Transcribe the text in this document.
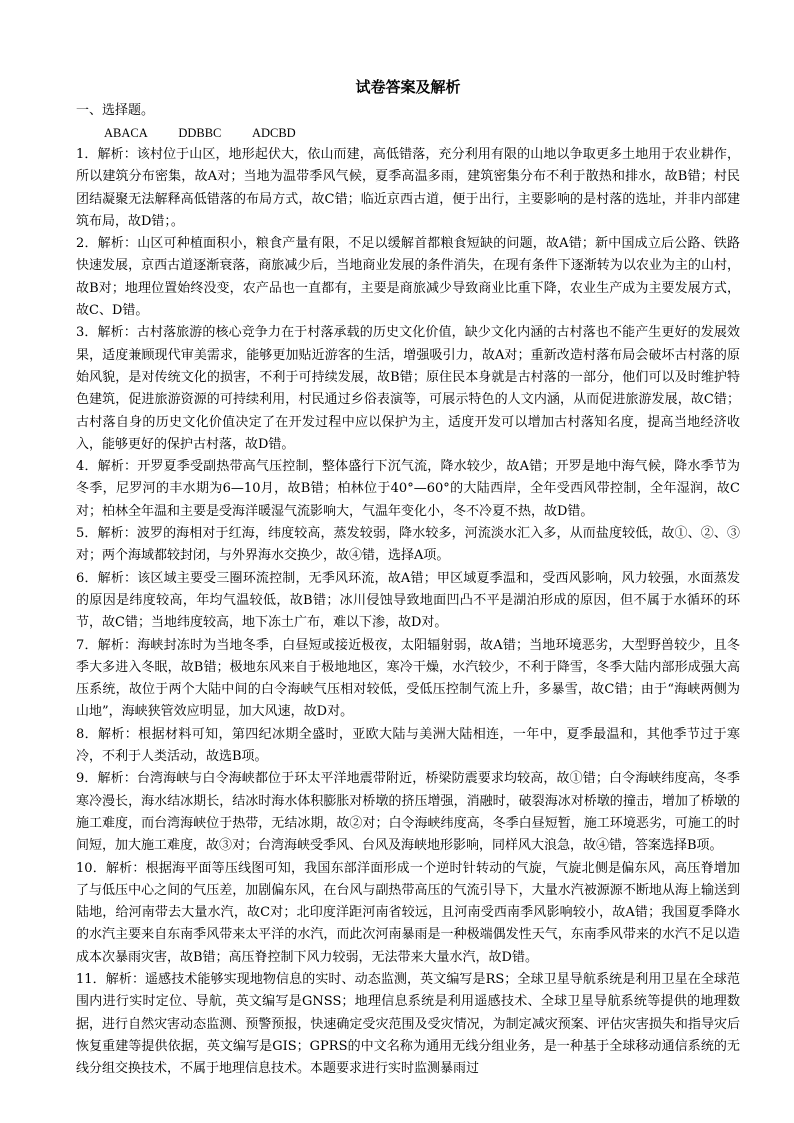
试卷答案及解析
一、选择题。
ABACA          DDBBC          ADCBD

1．解析：该村位于山区，地形起伏大，依山而建，高低错落，充分利用有限的山地以争取更多土地用于农业耕作，所以建筑分布密集，故A对；当地为温带季风气候，夏季高温多雨，建筑密集分布不利于散热和排水，故B错；村民团结凝聚无法解释高低错落的布局方式，故C错；临近京西古道，便于出行，主要影响的是村落的选址，并非内部建筑布局，故D错；。

2．解析：山区可种植面积小，粮食产量有限，不足以缓解首都粮食短缺的问题，故A错；新中国成立后公路、铁路快速发展，京西古道逐渐衰落，商旅减少后，当地商业发展的条件消失，在现有条件下逐渐转为以农业为主的山村，故B对；地理位置始终没变，农产品也一直都有，主要是商旅减少导致商业比重下降，农业生产成为主要发展方式，故C、D错。

3．解析：古村落旅游的核心竞争力在于村落承载的历史文化价值，缺少文化内涵的古村落也不能产生更好的发展效果，适度兼顾现代审美需求，能够更加贴近游客的生活，增强吸引力，故A对；重新改造村落布局会破坏古村落的原始风貌，是对传统文化的损害，不利于可持续发展，故B错；原住民本身就是古村落的一部分，他们可以及时维护特色建筑，促进旅游资源的可持续利用，村民通过乡俗表演等，可展示特色的人文内涵，从而促进旅游发展，故C错；古村落自身的历史文化价值决定了在开发过程中应以保护为主，适度开发可以增加古村落知名度，提高当地经济收入，能够更好的保护古村落，故D错。

4．解析：开罗夏季受副热带高气压控制，整体盛行下沉气流，降水较少，故A错；开罗是地中海气候，降水季节为冬季，尼罗河的丰水期为6—10月，故B错；柏林位于40°—60°的大陆西岸，全年受西风带控制，全年湿润，故C对；柏林全年温和主要是受海洋暖湿气流影响大，气温年变化小，冬不冷夏不热，故D错。

5．解析：波罗的海相对于红海，纬度较高，蒸发较弱，降水较多，河流淡水汇入多，从而盐度较低，故①、②、③对；两个海域都较封闭，与外界海水交换少，故④错，选择A项。

6．解析：该区域主要受三圈环流控制，无季风环流，故A错；甲区域夏季温和，受西风影响，风力较强，水面蒸发的原因是纬度较高，年均气温较低，故B错；冰川侵蚀导致地面凹凸不平是湖泊形成的原因，但不属于水循环的环节，故C错；当地纬度较高，地下冻土广布，难以下渗，故D对。

7．解析：海峡封冻时为当地冬季，白昼短或接近极夜，太阳辐射弱，故A错；当地环境恶劣，大型野兽较少，且冬季大多进入冬眠，故B错；极地东风来自于极地地区，寒冷干燥，水汽较少，不利于降雪，冬季大陆内部形成强大高压系统，故位于两个大陆中间的白令海峡气压相对较低，受低压控制气流上升，多暴雪，故C错；由于“海峡两侧为山地”，海峡狭管效应明显，加大风速，故D对。

8．解析：根据材料可知，第四纪冰期全盛时，亚欧大陆与美洲大陆相连，一年中，夏季最温和，其他季节过于寒冷，不利于人类活动，故选B项。

9．解析：台湾海峡与白令海峡都位于环太平洋地震带附近，桥梁防震要求均较高，故①错；白令海峡纬度高，冬季寒冷漫长，海水结冰期长，结冰时海水体积膨胀对桥墩的挤压增强，消融时，破裂海冰对桥墩的撞击，增加了桥墩的施工难度，而台湾海峡位于热带，无结冰期，故②对；白令海峡纬度高，冬季白昼短暂，施工环境恶劣，可施工的时间短，加大施工难度，故③对；台湾海峡受季风、台风及海峡地形影响，同样风大浪急，故④错，答案选择B项。

10．解析：根据海平面等压线图可知，我国东部洋面形成一个逆时针转动的气旋，气旋北侧是偏东风，高压脊增加了与低压中心之间的气压差，加剧偏东风，在台风与副热带高压的气流引导下，大量水汽被源源不断地从海上输送到陆地，给河南带去大量水汽，故C对；北印度洋距河南省较远，且河南受西南季风影响较小，故A错；我国夏季降水的水汽主要来自东南季风带来太平洋的水汽，而此次河南暴雨是一种极端偶发性天气，东南季风带来的水汽不足以造成本次暴雨灾害，故B错；高压脊控制下风力较弱，无法带来大量水汽，故D错。

11．解析：遥感技术能够实现地物信息的实时、动态监测，英文编写是RS；全球卫星导航系统是利用卫星在全球范围内进行实时定位、导航，英文编写是GNSS；地理信息系统是利用遥感技术、全球卫星导航系统等提供的地理数据，进行自然灾害动态监测、预警预报，快速确定受灾范围及受灾情况，为制定减灾预案、评估灾害损失和指导灾后恢复重建等提供依据，英文编写是GIS；GPRS的中文名称为通用无线分组业务，是一种基于全球移动通信系统的无线分组交换技术，不属于地理信息技术。本题要求进行实时监测暴雨过
